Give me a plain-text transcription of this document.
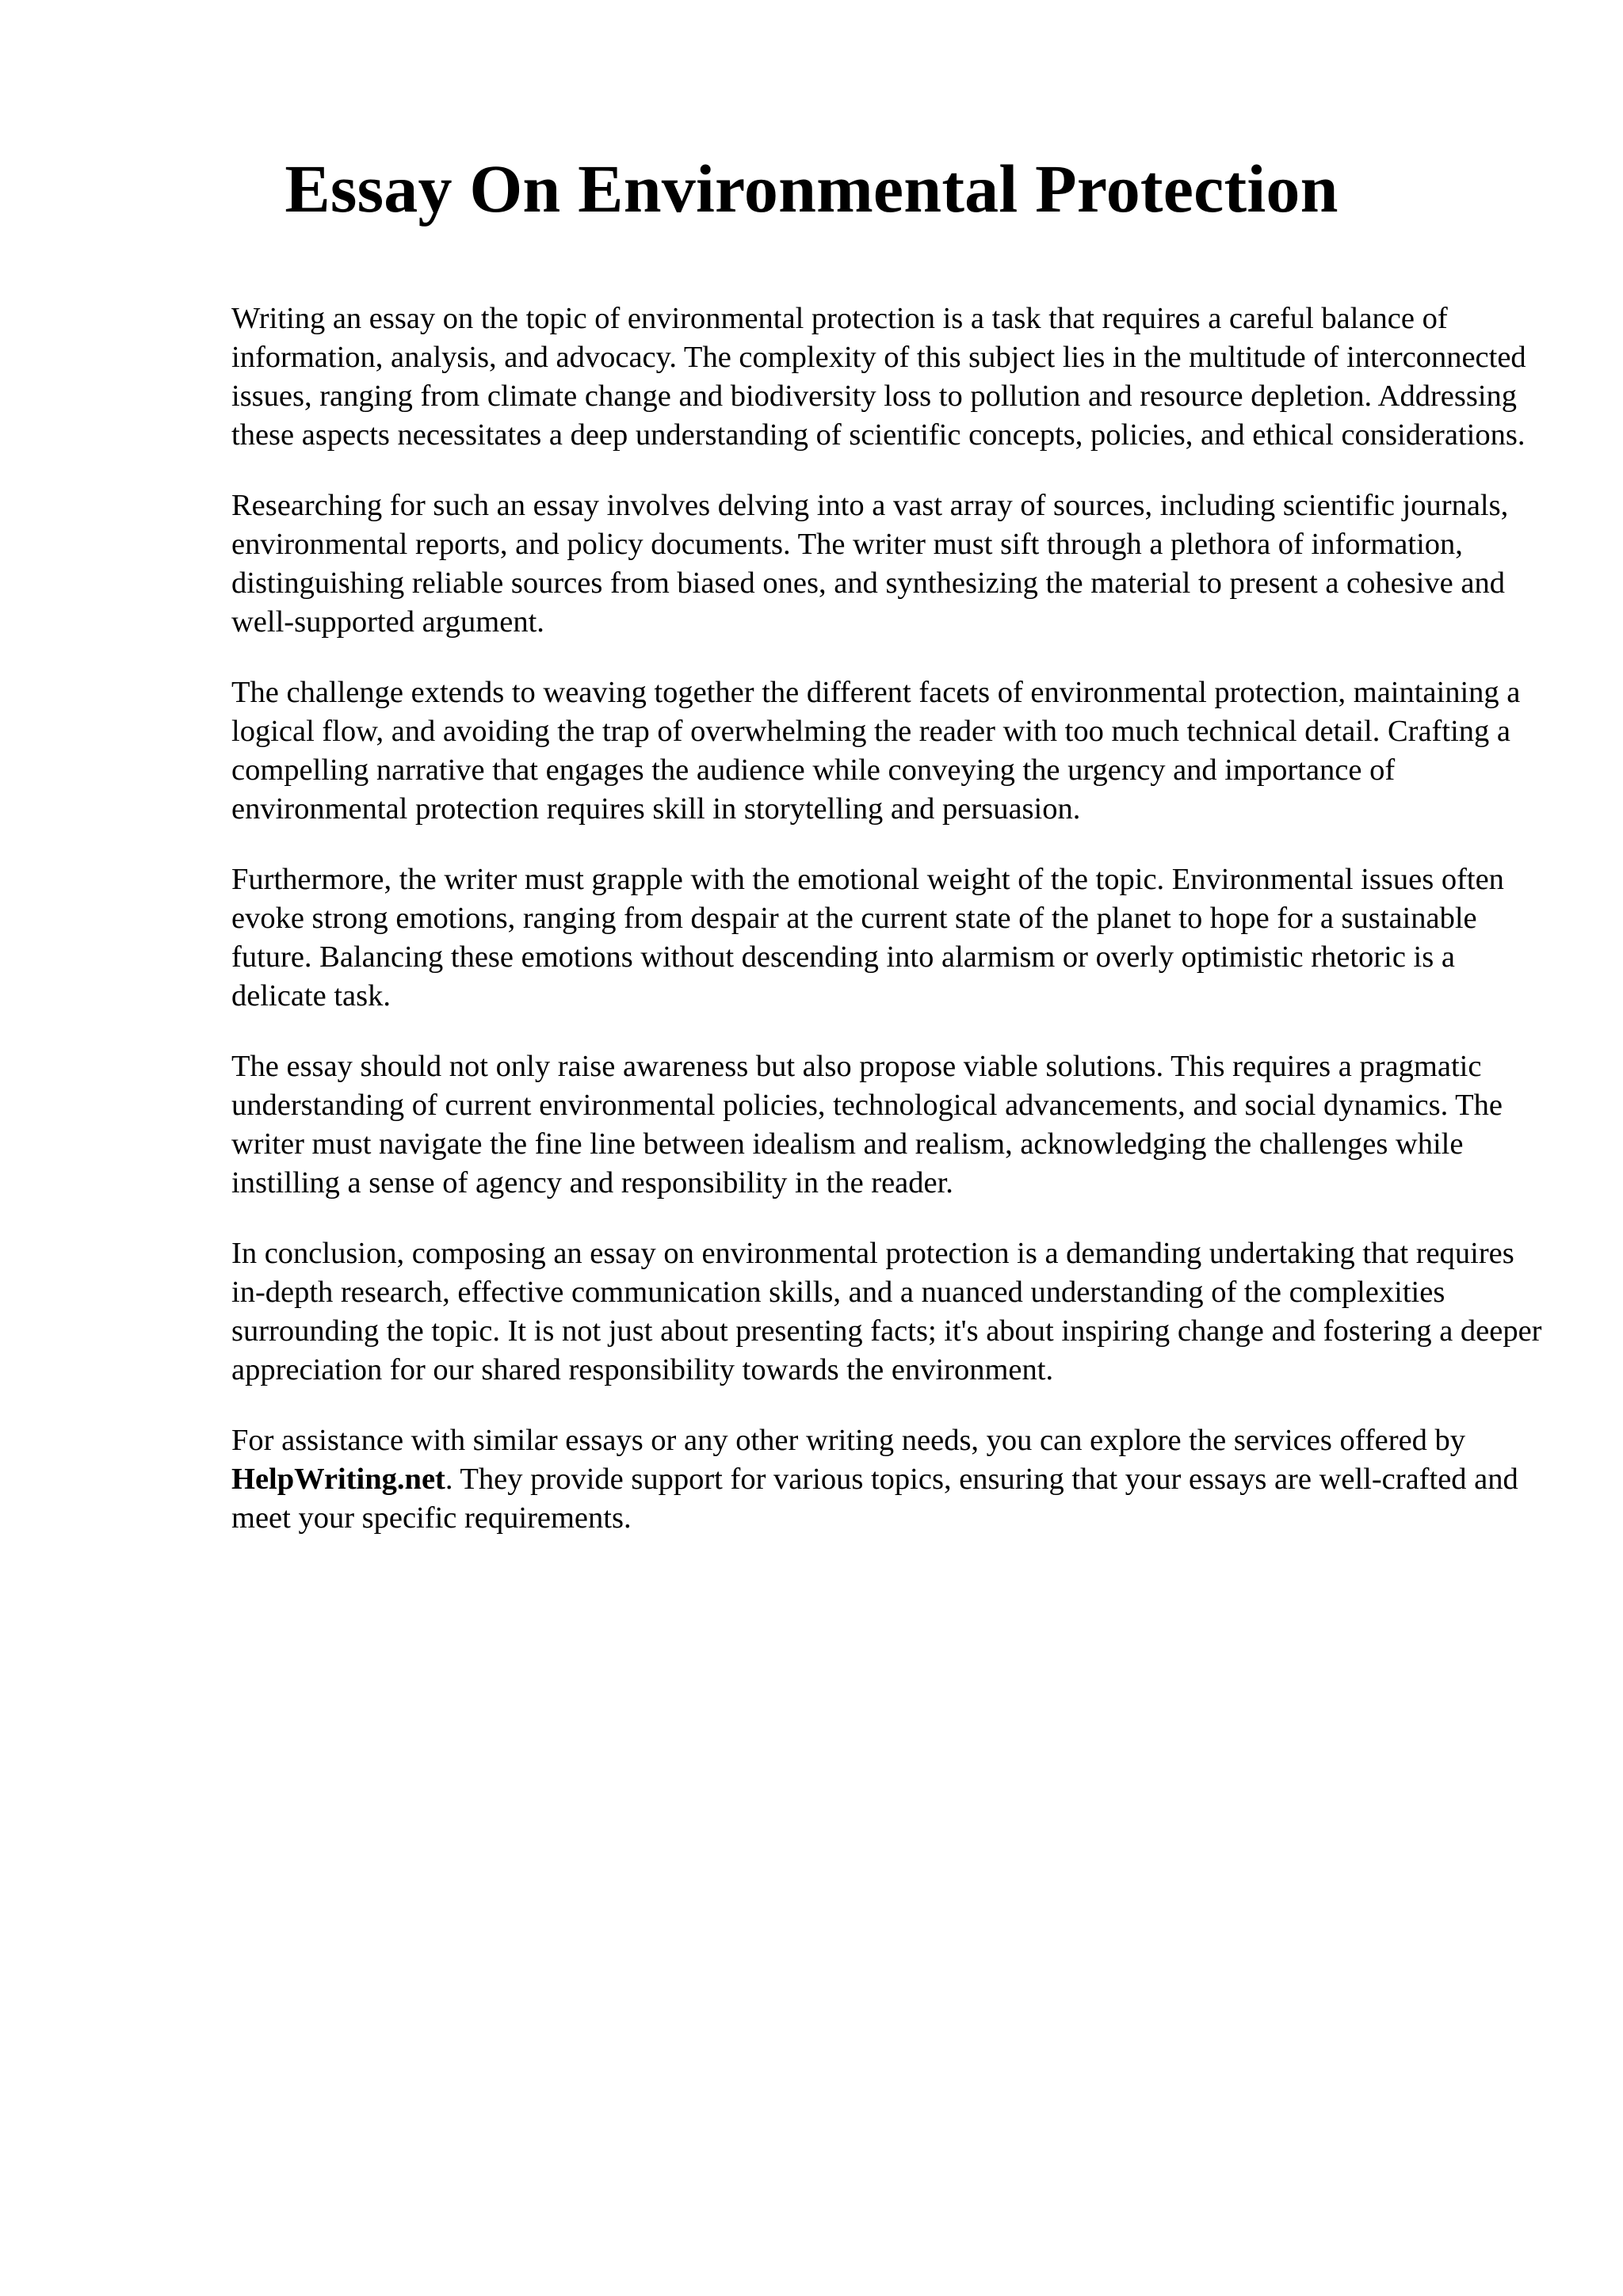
Essay On Environmental Protection

Writing an essay on the topic of environmental protection is a task that requires a careful balance of information, analysis, and advocacy. The complexity of this subject lies in the multitude of interconnected issues, ranging from climate change and biodiversity loss to pollution and resource depletion. Addressing these aspects necessitates a deep understanding of scientific concepts, policies, and ethical considerations.

Researching for such an essay involves delving into a vast array of sources, including scientific journals, environmental reports, and policy documents. The writer must sift through a plethora of information, distinguishing reliable sources from biased ones, and synthesizing the material to present a cohesive and well-supported argument.

The challenge extends to weaving together the different facets of environmental protection, maintaining a logical flow, and avoiding the trap of overwhelming the reader with too much technical detail. Crafting a compelling narrative that engages the audience while conveying the urgency and importance of environmental protection requires skill in storytelling and persuasion.

Furthermore, the writer must grapple with the emotional weight of the topic. Environmental issues often evoke strong emotions, ranging from despair at the current state of the planet to hope for a sustainable future. Balancing these emotions without descending into alarmism or overly optimistic rhetoric is a delicate task.

The essay should not only raise awareness but also propose viable solutions. This requires a pragmatic understanding of current environmental policies, technological advancements, and social dynamics. The writer must navigate the fine line between idealism and realism, acknowledging the challenges while instilling a sense of agency and responsibility in the reader.

In conclusion, composing an essay on environmental protection is a demanding undertaking that requires in-depth research, effective communication skills, and a nuanced understanding of the complexities surrounding the topic. It is not just about presenting facts; it's about inspiring change and fostering a deeper appreciation for our shared responsibility towards the environment.

For assistance with similar essays or any other writing needs, you can explore the services offered by HelpWriting.net. They provide support for various topics, ensuring that your essays are well-crafted and meet your specific requirements.
